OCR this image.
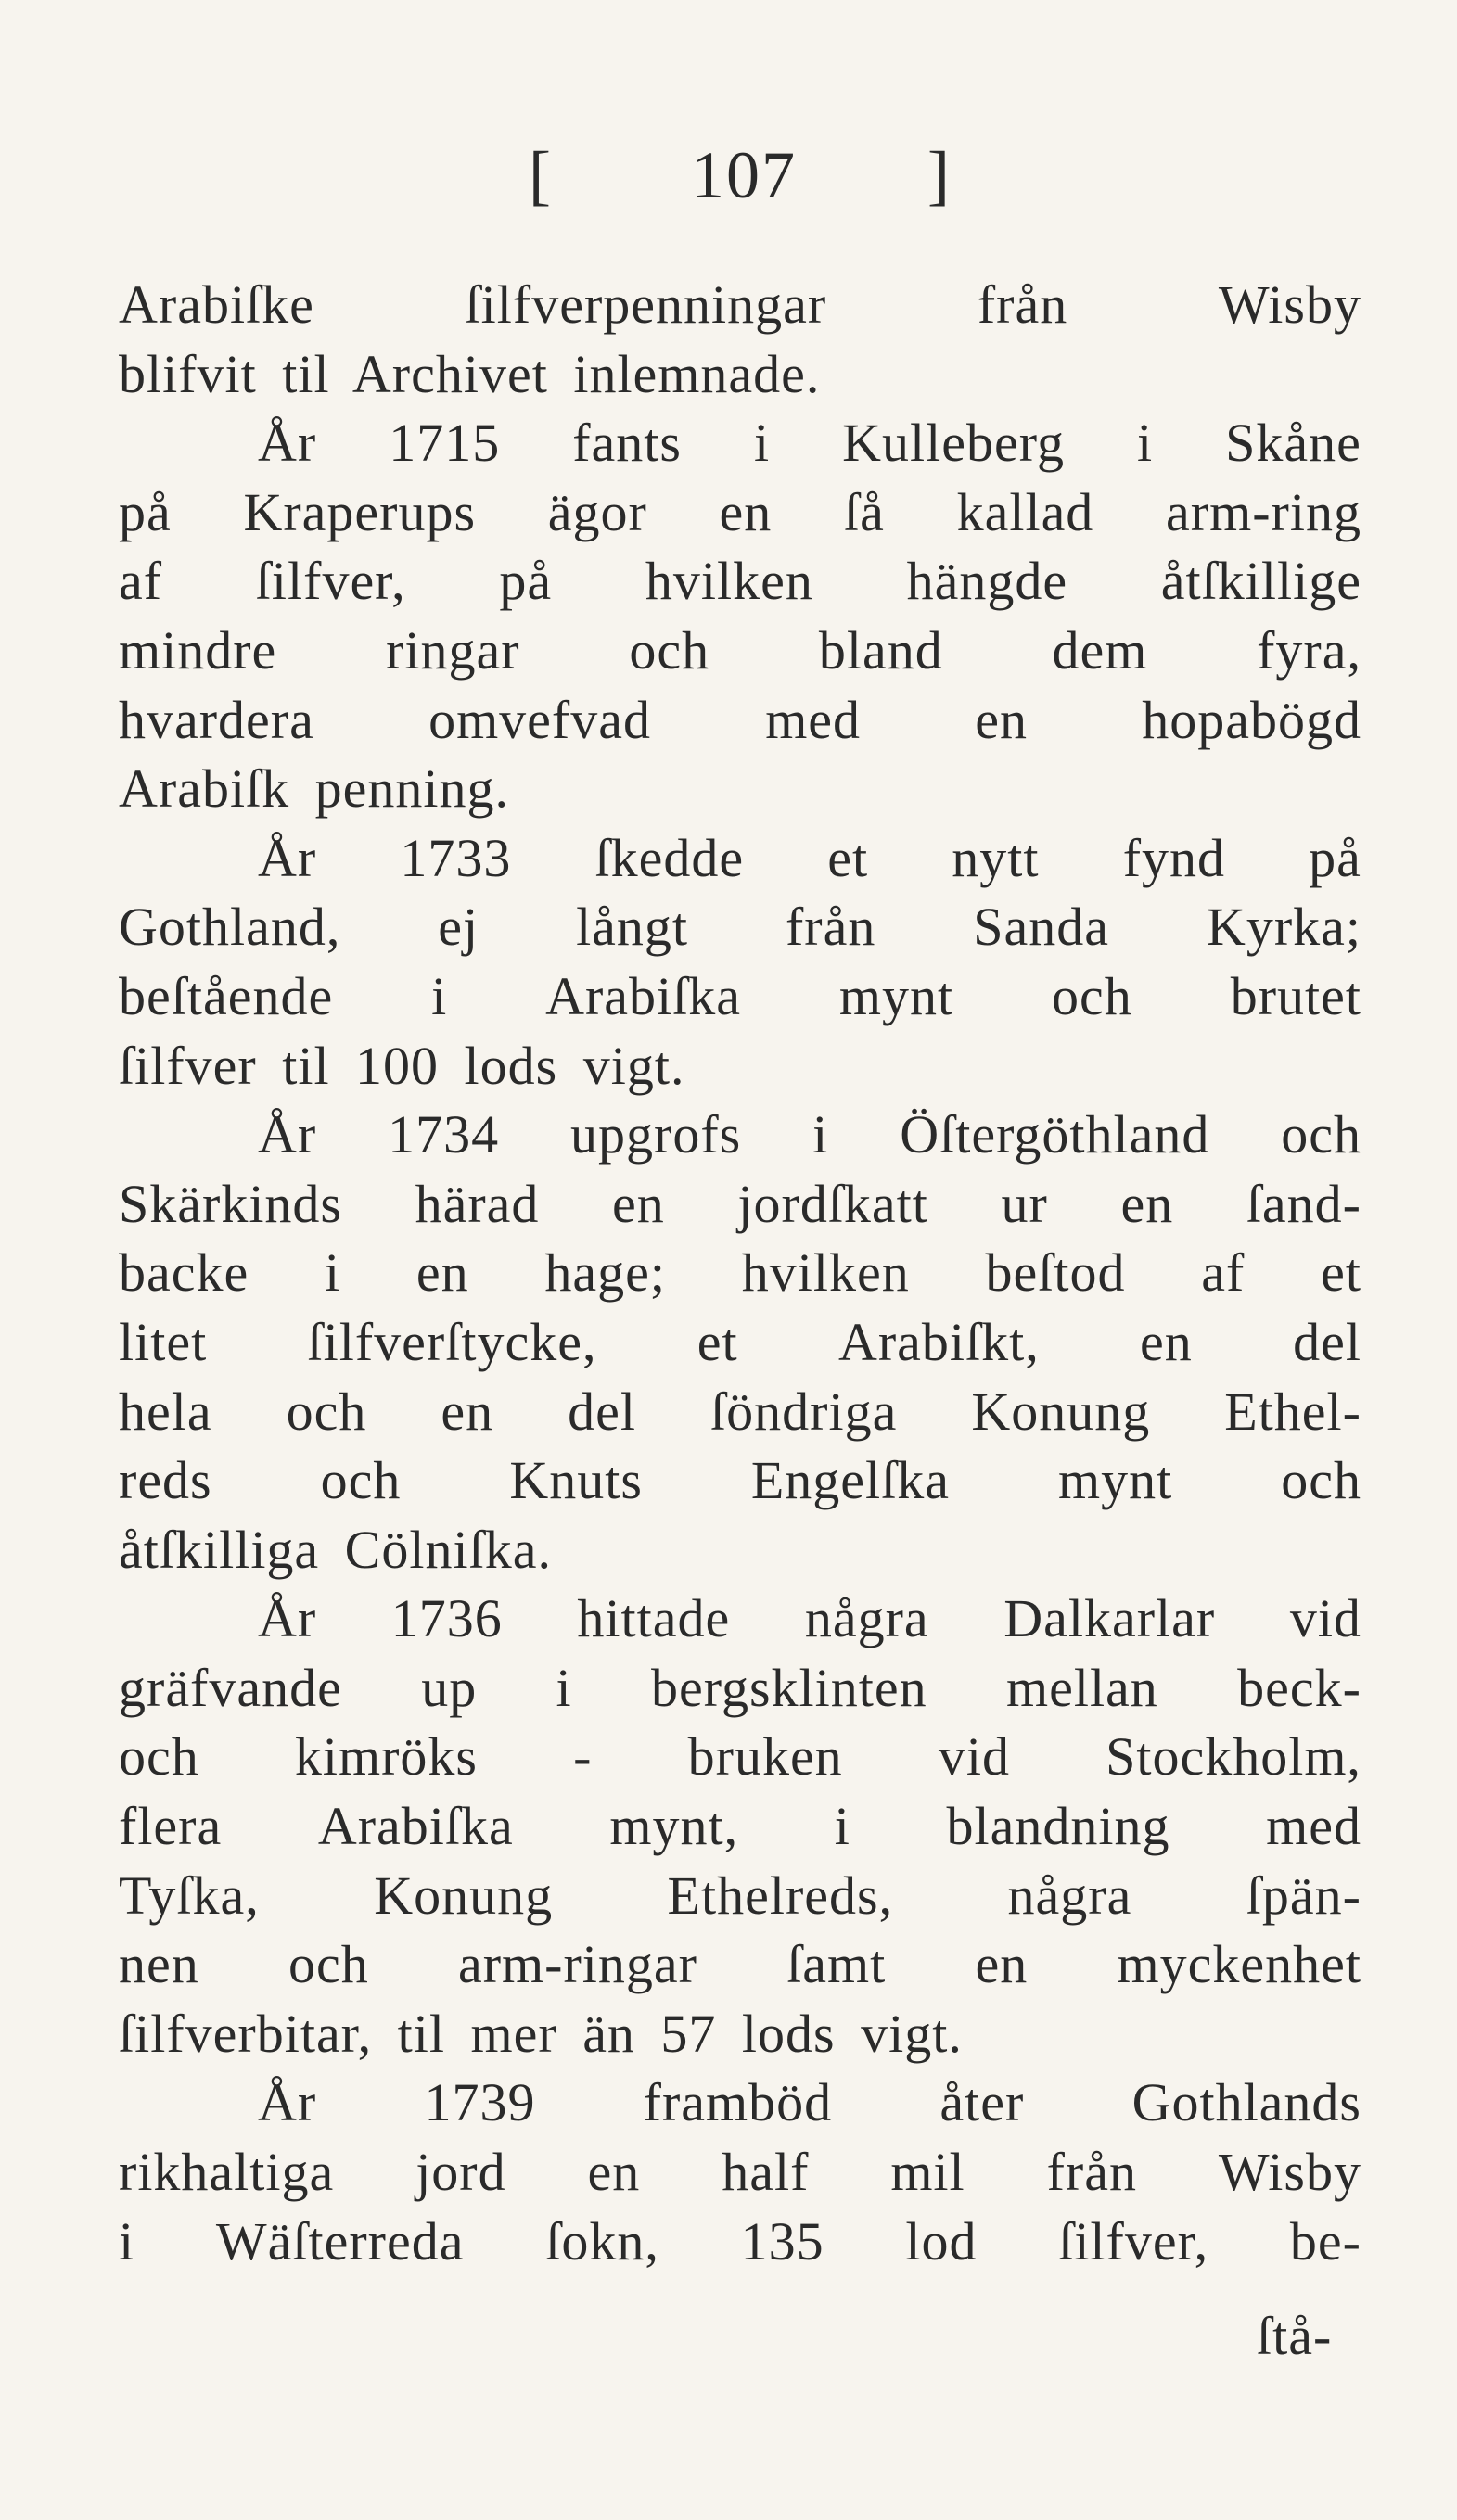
[ 107 ]
Arabiſke	ſilfverpenningar	från	Wisby
blifvit til Archivet inlemnade.
År 1715 fants i Kulleberg i Skåne
på Kraperups ägor en ſå kallad arm-ring
af ſilfver, på hvilken hängde åtſkillige
mindre ringar och bland dem fyra,
hvardera omvefvad med en hopabögd
Arabiſk penning.
År 1733 ſkedde et nytt fynd på
Gothland, ej långt från Sanda Kyrka;
beſtående i Arabiſka mynt och brutet
ſilfver til 100 lods vigt.
År 1734 upgrofs i Öſtergöthland och
Skärkinds härad en jordſkatt ur en ſand-
backe i en hage; hvilken beſtod af et
litet ſilfverſtycke, et Arabiſkt, en del
hela och en del ſöndriga Konung Ethel-
reds och Knuts Engelſka mynt och
åtſkilliga Cölniſka.
År 1736 hittade några Dalkarlar vid
gräfvande up i bergsklinten mellan beck-
och kimröks - bruken vid Stockholm,
flera Arabiſka mynt, i blandning med
Tyſka, Konung Ethelreds, några ſpän-
nen och arm-ringar ſamt en myckenhet
ſilfverbitar, til mer än 57 lods vigt.
År 1739 framböd åter Gothlands
rikhaltiga jord en half mil från Wisby
i Wäſterreda ſokn, 135 lod ſilfver, be-
ſtå-
